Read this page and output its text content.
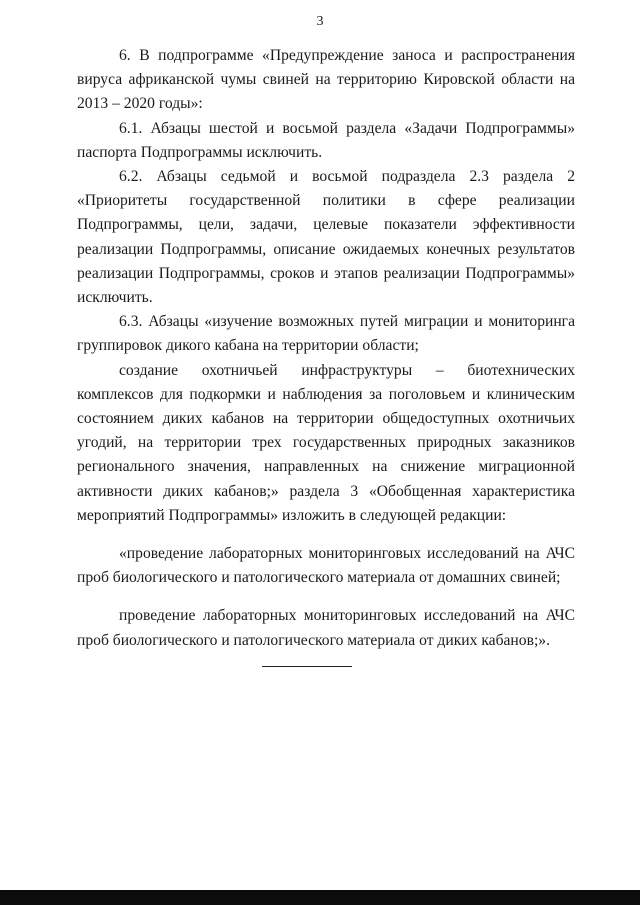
3

6. В подпрограмме «Предупреждение заноса и распространения вируса африканской чумы свиней на территорию Кировской области на 2013 – 2020 годы»:

6.1. Абзацы шестой и восьмой раздела «Задачи Подпрограммы» паспорта Подпрограммы исключить.

6.2. Абзацы седьмой и восьмой подраздела 2.3 раздела 2 «Приоритеты государственной политики в сфере реализации Подпрограммы, цели, задачи, целевые показатели эффективности реализации Подпрограммы, описание ожидаемых конечных результатов реализации Подпрограммы, сроков и этапов реализации Подпрограммы» исключить.

6.3. Абзацы «изучение возможных путей миграции и мониторинга группировок дикого кабана на территории области;

создание охотничьей инфраструктуры – биотехнических комплексов для подкормки и наблюдения за поголовьем и клиническим состоянием диких кабанов на территории общедоступных охотничьих угодий, на территории трех государственных природных заказников регионального значения, направленных на снижение миграционной активности диких кабанов;» раздела 3 «Обобщенная характеристика мероприятий Подпрограммы» изложить в следующей редакции:

«проведение лабораторных мониторинговых исследований на АЧС проб биологического и патологического материала от домашних свиней;

проведение лабораторных мониторинговых исследований на АЧС проб биологического и патологического материала от диких кабанов;».
